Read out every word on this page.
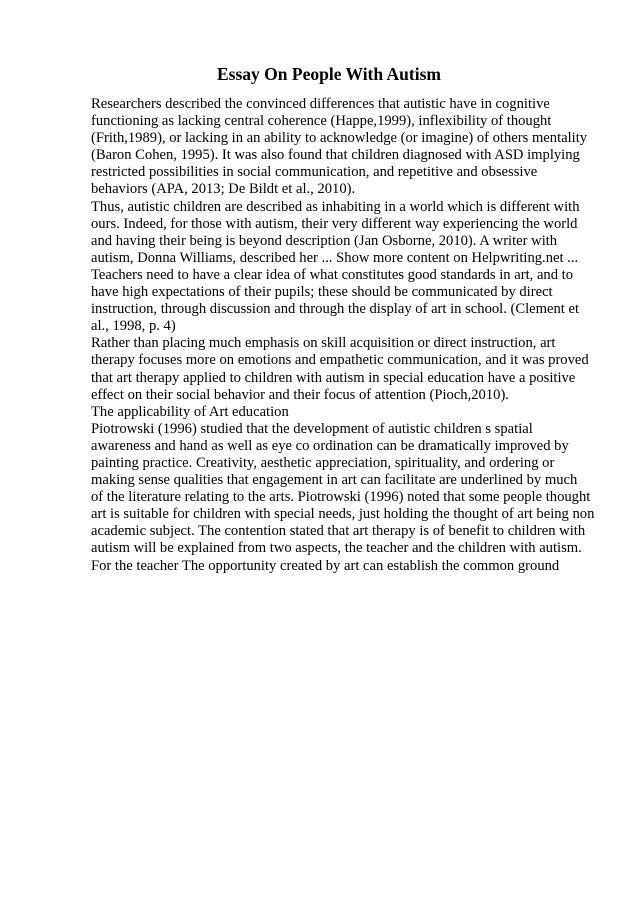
Essay On People With Autism
Researchers described the convinced differences that autistic have in cognitive
functioning as lacking central coherence (Happe,1999), inflexibility of thought
(Frith,1989), or lacking in an ability to acknowledge (or imagine) of others mentality
(Baron Cohen, 1995). It was also found that children diagnosed with ASD implying
restricted possibilities in social communication, and repetitive and obsessive
behaviors (APA, 2013; De Bildt et al., 2010).
Thus, autistic children are described as inhabiting in a world which is different with
ours. Indeed, for those with autism, their very different way experiencing the world
and having their being is beyond description (Jan Osborne, 2010). A writer with
autism, Donna Williams, described her ... Show more content on Helpwriting.net ...
Teachers need to have a clear idea of what constitutes good standards in art, and to
have high expectations of their pupils; these should be communicated by direct
instruction, through discussion and through the display of art in school. (Clement et
al., 1998, p. 4)
Rather than placing much emphasis on skill acquisition or direct instruction, art
therapy focuses more on emotions and empathetic communication, and it was proved
that art therapy applied to children with autism in special education have a positive
effect on their social behavior and their focus of attention (Pioch,2010).
The applicability of Art education
Piotrowski (1996) studied that the development of autistic children s spatial
awareness and hand as well as eye co ordination can be dramatically improved by
painting practice. Creativity, aesthetic appreciation, spirituality, and ordering or
making sense qualities that engagement in art can facilitate are underlined by much
of the literature relating to the arts. Piotrowski (1996) noted that some people thought
art is suitable for children with special needs, just holding the thought of art being non
academic subject. The contention stated that art therapy is of benefit to children with
autism will be explained from two aspects, the teacher and the children with autism.
For the teacher The opportunity created by art can establish the common ground
